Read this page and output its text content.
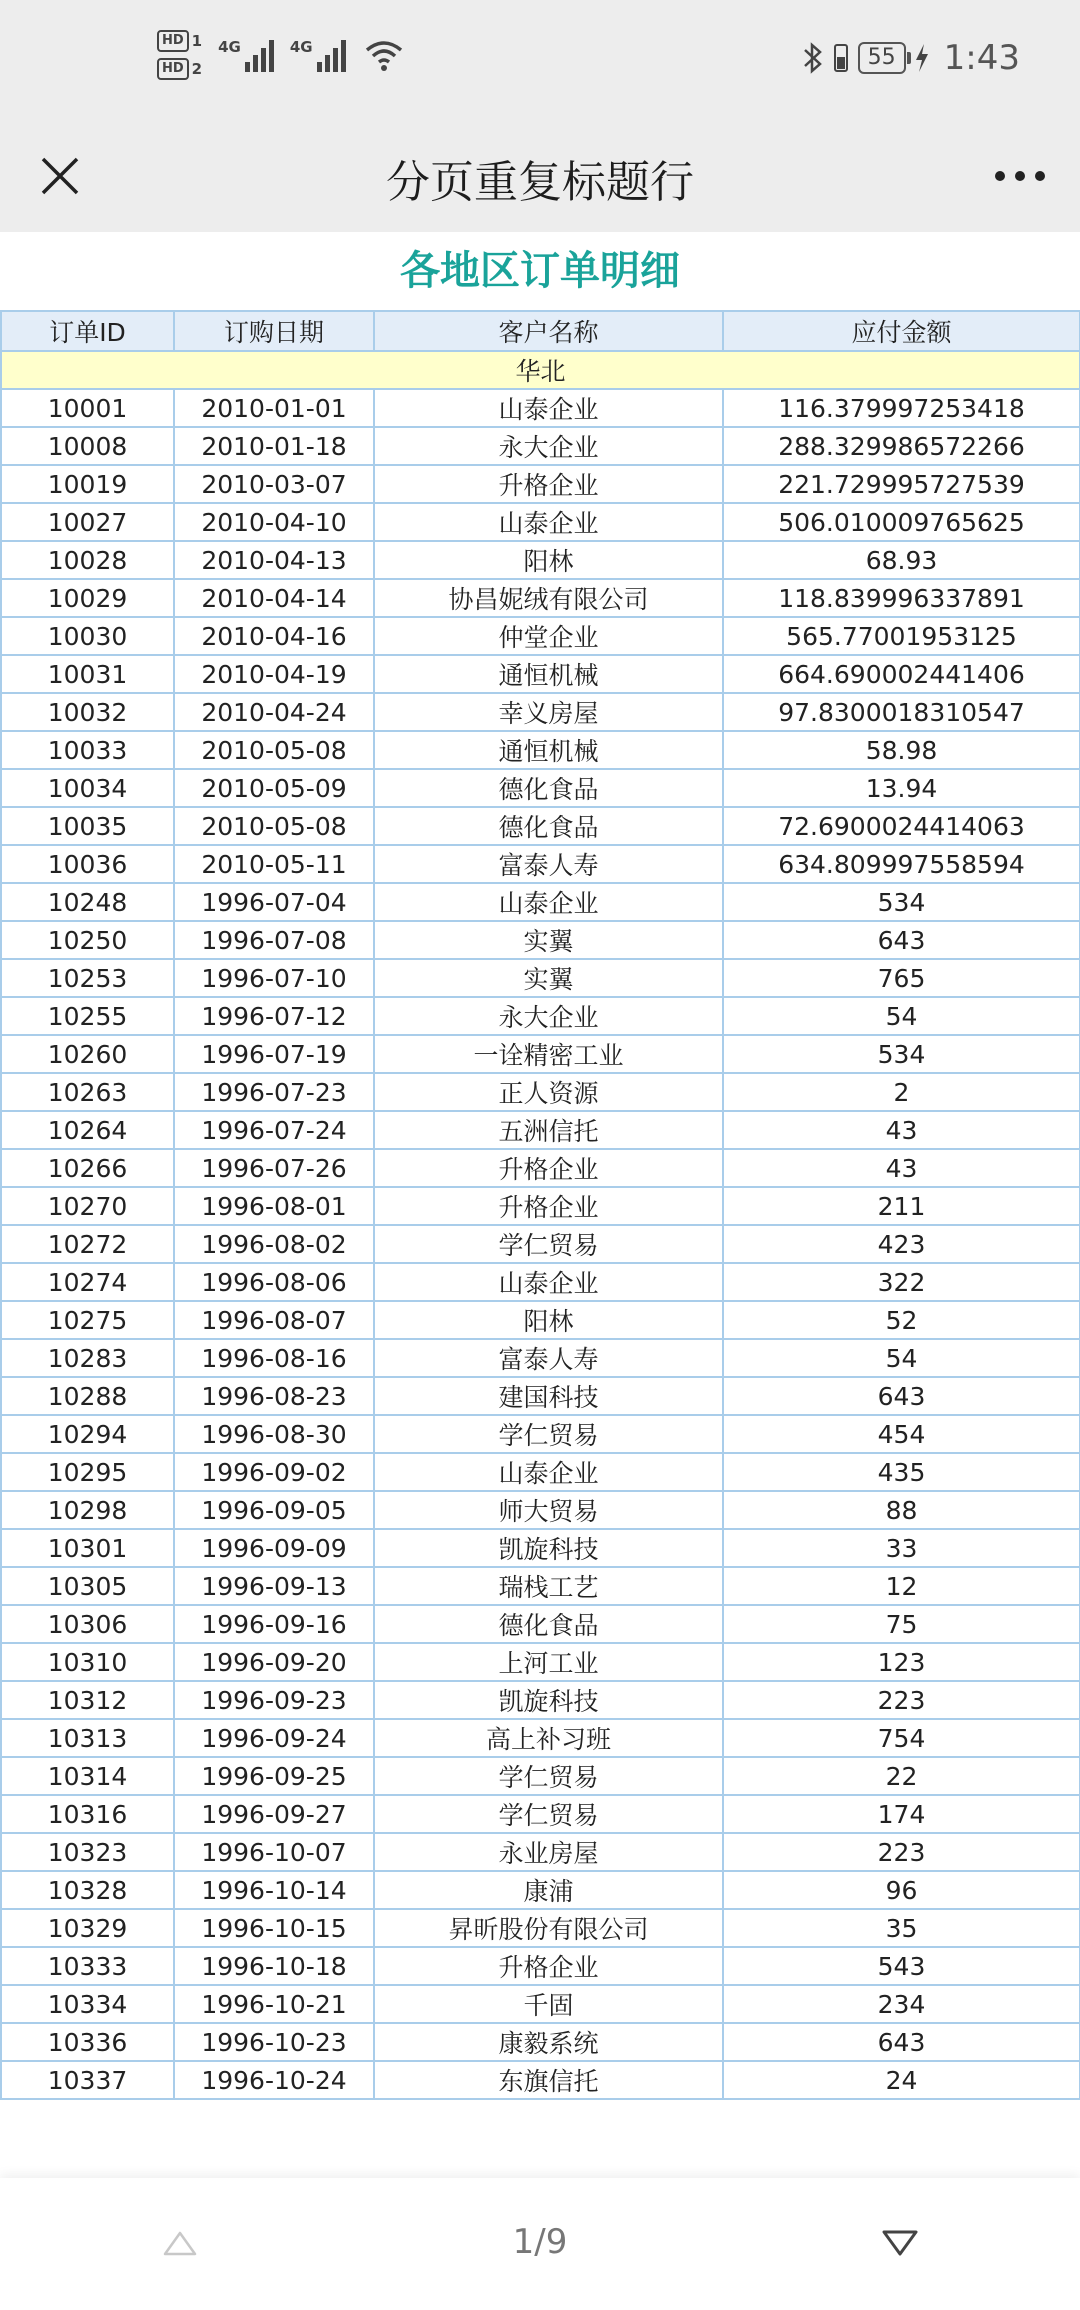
HD 1
HD 2
4G	4G	55 1:43
分页重复标题行
各地区订单明细
订单ID	订购日期	客户名称	应付金额
华北			
10001	2010-01-01	山泰企业	116.379997253418
10008	2010-01-18	永大企业	288.329986572266
10019	2010-03-07	升格企业	221.729995727539
10027	2010-04-10	山泰企业	506.010009765625
10028	2010-04-13	阳林	68.93
10029	2010-04-14	协昌妮绒有限公司	118.839996337891
10030	2010-04-16	仲堂企业	565.77001953125
10031	2010-04-19	通恒机械	664.690002441406
10032	2010-04-24	幸义房屋	97.8300018310547
10033	2010-05-08	通恒机械	58.98
10034	2010-05-09	德化食品	13.94
10035	2010-05-08	德化食品	72.6900024414063
10036	2010-05-11	富泰人寿	634.809997558594
10248	1996-07-04	山泰企业	534
10250	1996-07-08	实翼	643
10253	1996-07-10	实翼	765
10255	1996-07-12	永大企业	54
10260	1996-07-19	一诠精密工业	534
10263	1996-07-23	正人资源	2
10264	1996-07-24	五洲信托	43
10266	1996-07-26	升格企业	43
10270	1996-08-01	升格企业	211
10272	1996-08-02	学仁贸易	423
10274	1996-08-06	山泰企业	322
10275	1996-08-07	阳林	52
10283	1996-08-16	富泰人寿	54
10288	1996-08-23	建国科技	643
10294	1996-08-30	学仁贸易	454
10295	1996-09-02	山泰企业	435
10298	1996-09-05	师大贸易	88
10301	1996-09-09	凯旋科技	33
10305	1996-09-13	瑞栈工艺	12
10306	1996-09-16	德化食品	75
10310	1996-09-20	上河工业	123
10312	1996-09-23	凯旋科技	223
10313	1996-09-24	高上补习班	754
10314	1996-09-25	学仁贸易	22
10316	1996-09-27	学仁贸易	174
10323	1996-10-07	永业房屋	223
10328	1996-10-14	康浦	96
10329	1996-10-15	昇昕股份有限公司	35
10333	1996-10-18	升格企业	543
10334	1996-10-21	千固	234
10336	1996-10-23	康毅系统	643
10337	1996-10-24	东旗信托	24
1/9
